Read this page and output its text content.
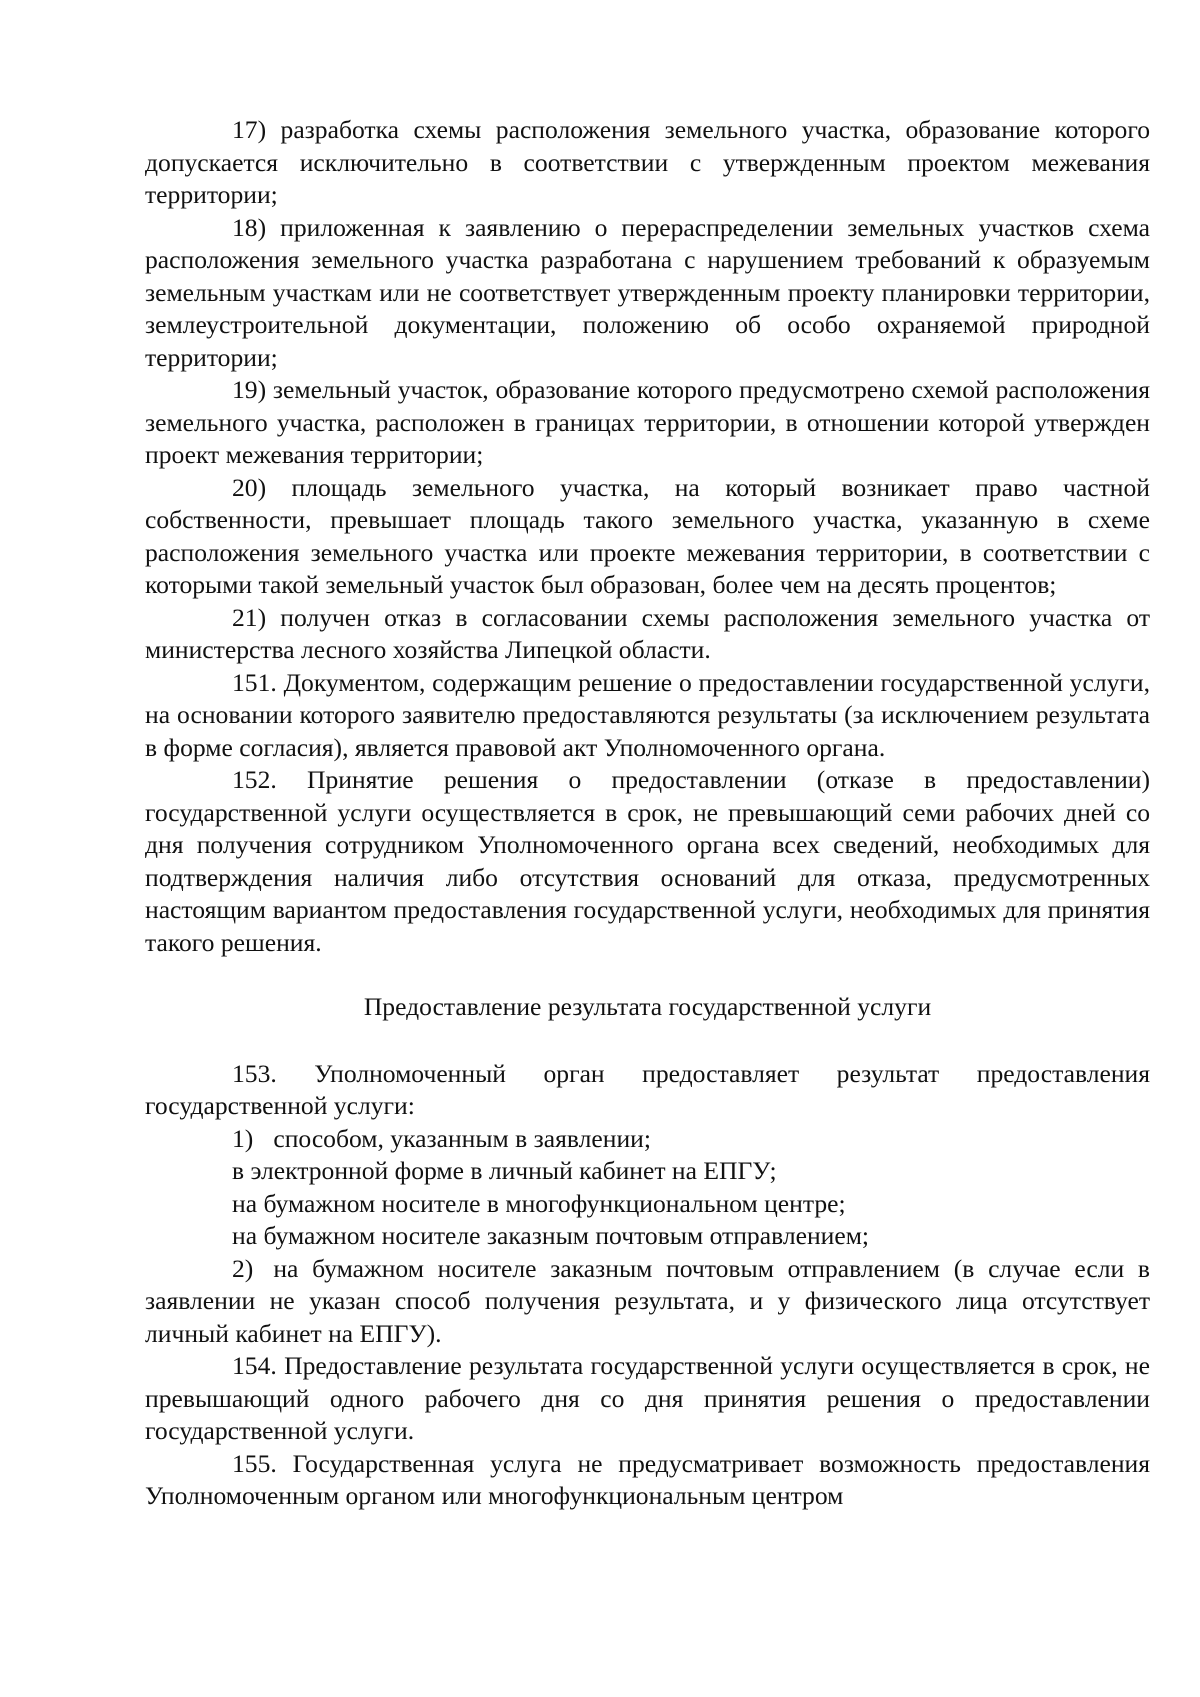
17) разработка схемы расположения земельного участка, образование которого допускается исключительно в соответствии с утвержденным проектом межевания территории;

18) приложенная к заявлению о перераспределении земельных участков схема расположения земельного участка разработана с нарушением требований к образуемым земельным участкам или не соответствует утвержденным проекту планировки территории, землеустроительной документации, положению об особо охраняемой природной территории;

19) земельный участок, образование которого предусмотрено схемой расположения земельного участка, расположен в границах территории, в отношении которой утвержден проект межевания территории;

20) площадь земельного участка, на который возникает право частной собственности, превышает площадь такого земельного участка, указанную в схеме расположения земельного участка или проекте межевания территории, в соответствии с которыми такой земельный участок был образован, более чем на десять процентов;

21) получен отказ в согласовании схемы расположения земельного участка от министерства лесного хозяйства Липецкой области.

151. Документом, содержащим решение о предоставлении государственной услуги, на основании которого заявителю предоставляются результаты (за исключением результата в форме согласия), является правовой акт Уполномоченного органа.

152. Принятие решения о предоставлении (отказе в предоставлении) государственной услуги осуществляется в срок, не превышающий семи рабочих дней со дня получения сотрудником Уполномоченного органа всех сведений, необходимых для подтверждения наличия либо отсутствия оснований для отказа, предусмотренных настоящим вариантом предоставления государственной услуги, необходимых для принятия такого решения.

Предоставление результата государственной услуги

153. Уполномоченный орган предоставляет результат предоставления государственной услуги:

1) способом, указанным в заявлении;

в электронной форме в личный кабинет на ЕПГУ;

на бумажном носителе в многофункциональном центре;

на бумажном носителе заказным почтовым отправлением;

2) на бумажном носителе заказным почтовым отправлением (в случае если в заявлении не указан способ получения результата, и у физического лица отсутствует личный кабинет на ЕПГУ).

154. Предоставление результата государственной услуги осуществляется в срок, не превышающий одного рабочего дня со дня принятия решения о предоставлении государственной услуги.

155. Государственная услуга не предусматривает возможность предоставления Уполномоченным органом или многофункциональным центром
